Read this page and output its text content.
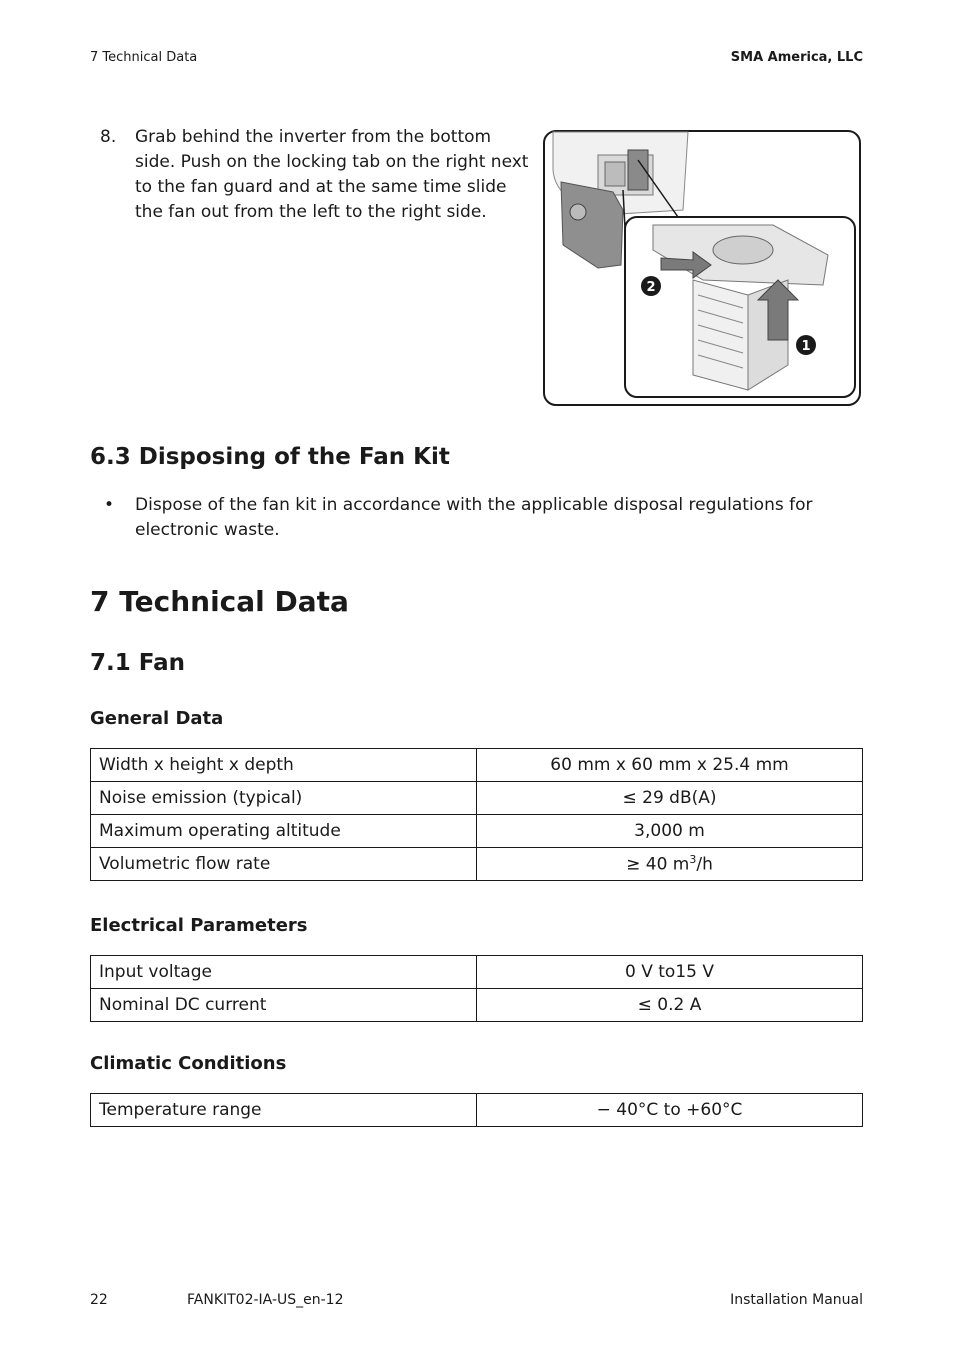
7 Technical Data	SMA America, LLC
8. Grab behind the inverter from the bottom side. Push on the locking tab on the right next to the fan guard and at the same time slide the fan out from the left to the right side.
2
1
6.3 Disposing of the Fan Kit
• Dispose of the fan kit in accordance with the applicable disposal regulations for electronic waste.
7 Technical Data
7.1 Fan
General Data
Width x height x depth	60 mm x 60 mm x 25.4 mm
Noise emission (typical)	≤ 29 dB(A)
Maximum operating altitude	3,000 m
Volumetric flow rate	≥ 40 $m^3/h$
Electrical Parameters
Input voltage	0 V to15 V
Nominal DC current	≤ 0.2 A
Climatic Conditions
Temperature range	− 40°C to +60°C
22	FANKIT02-IA-US_en-12	Installation Manual
